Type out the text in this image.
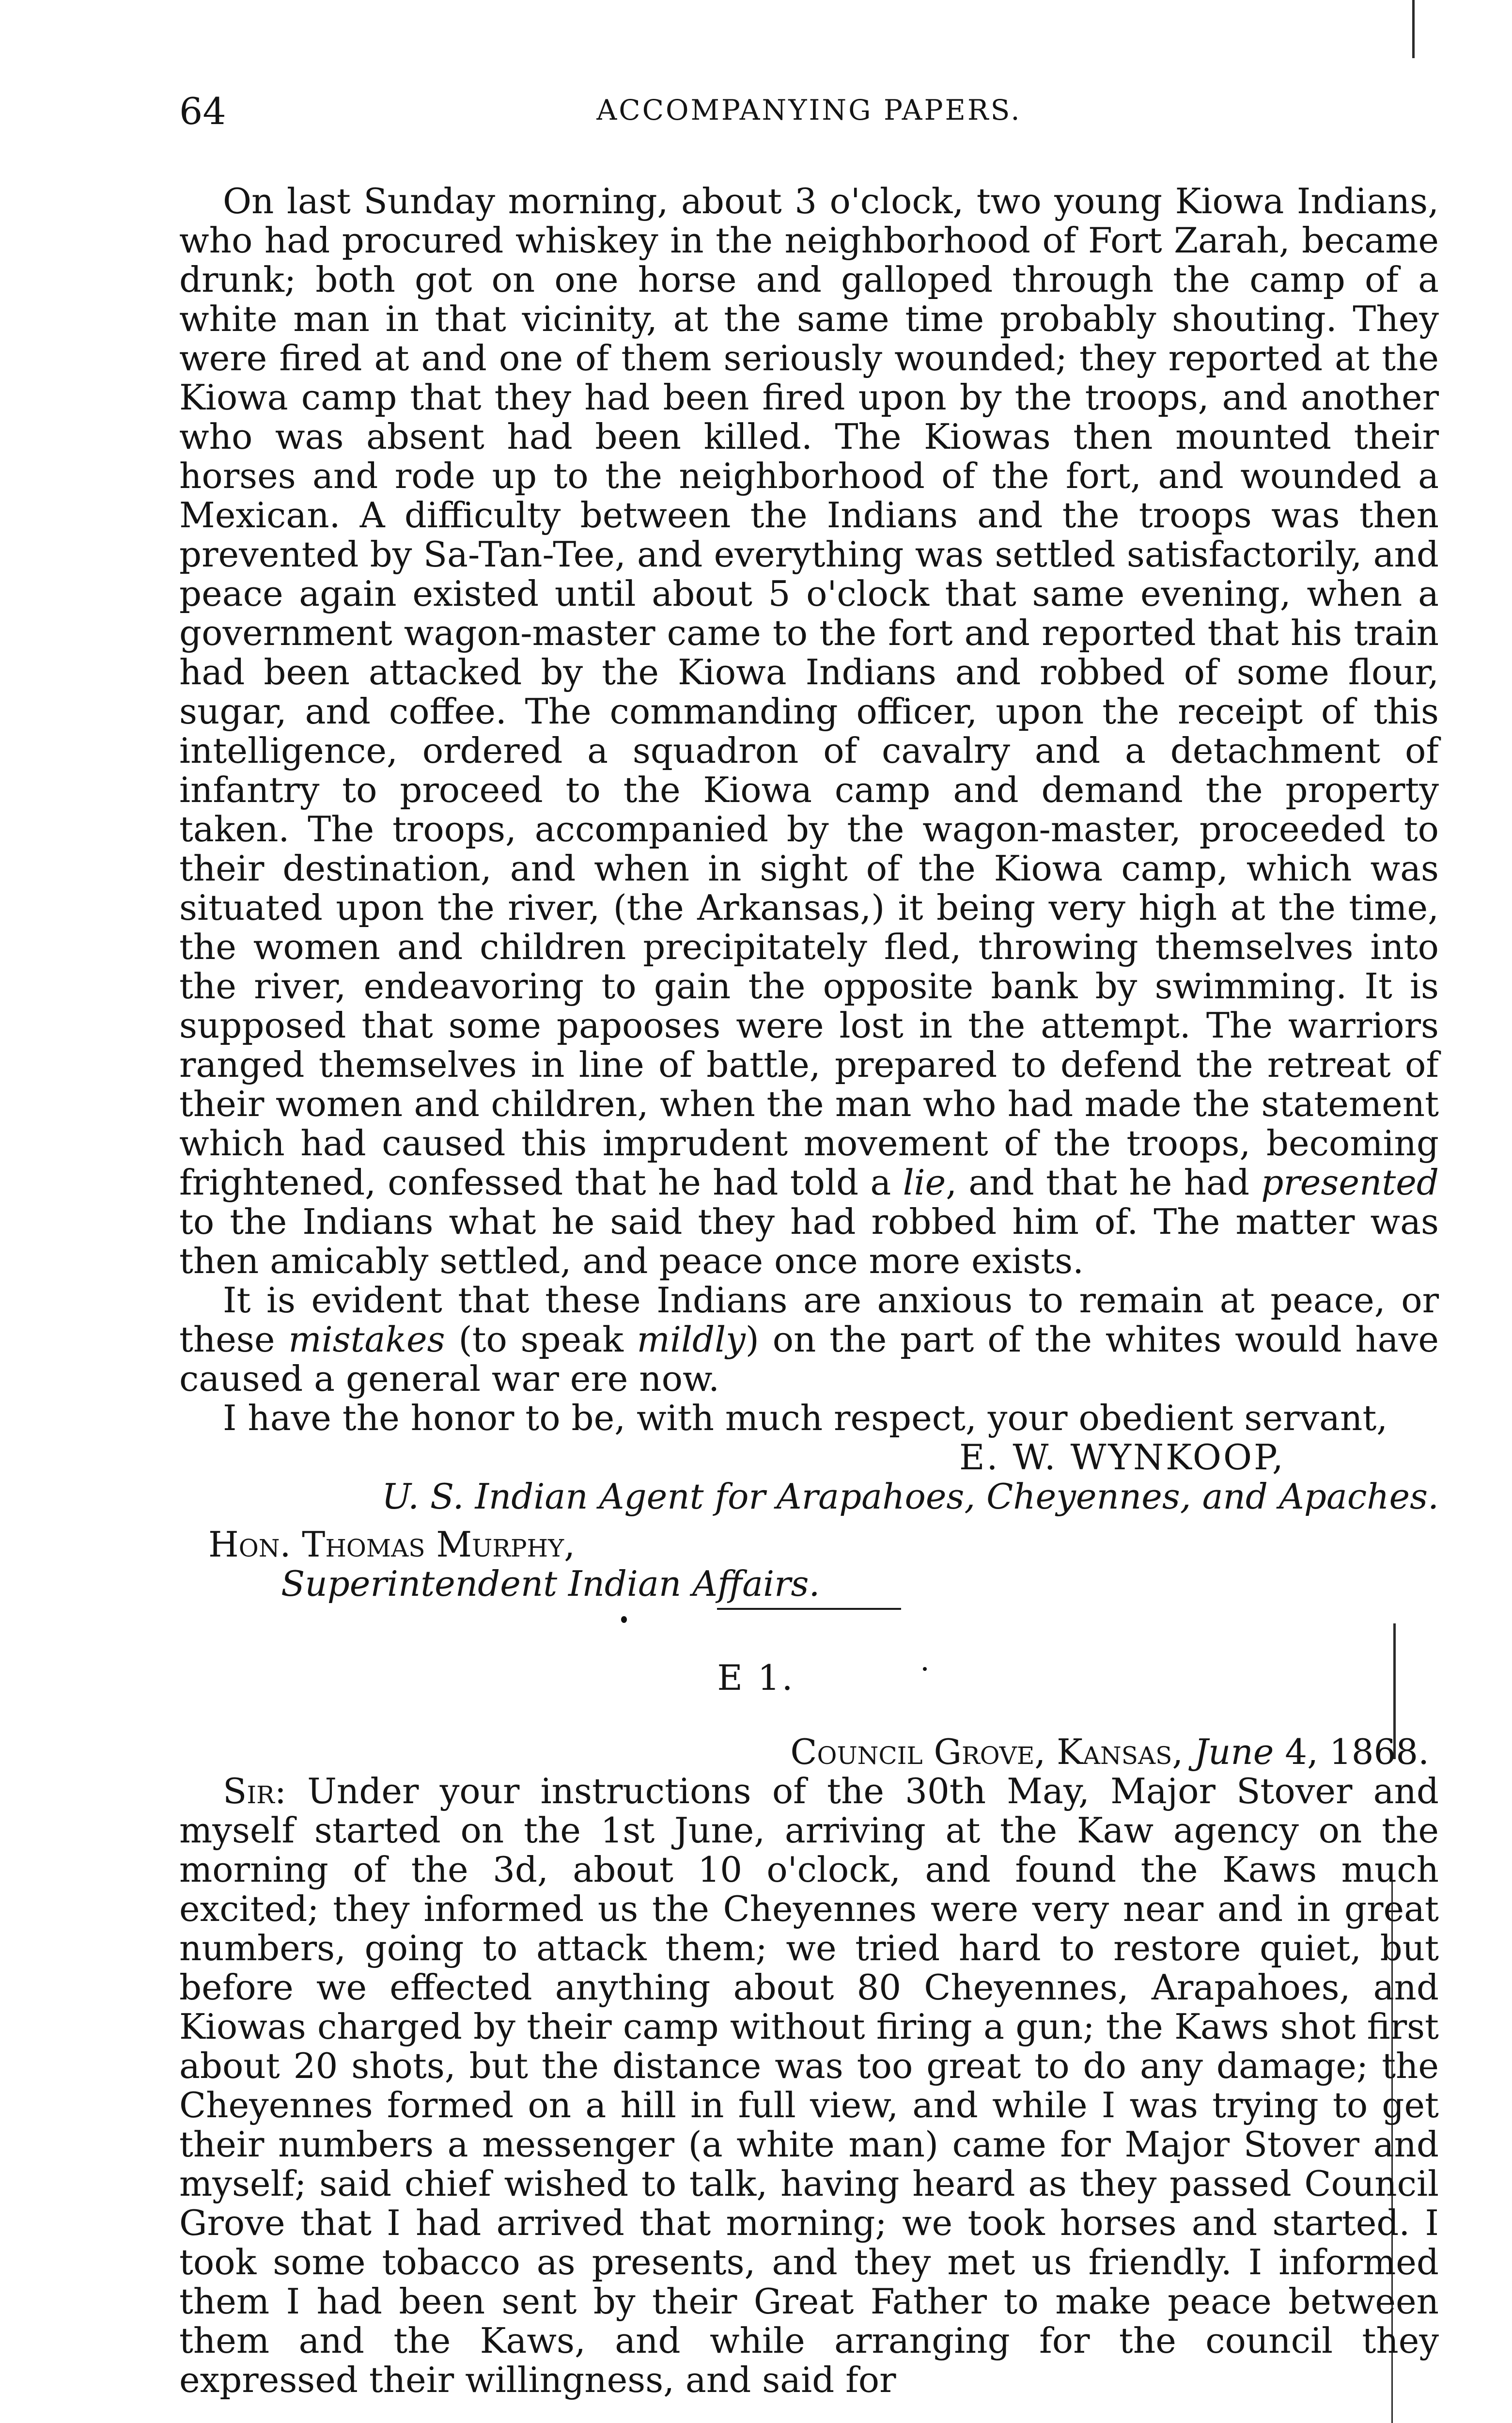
64	ACCOMPANYING PAPERS.

On last Sunday morning, about 3 o'clock, two young Kiowa Indians, who had procured whiskey in the neighborhood of Fort Zarah, became drunk; both got on one horse and galloped through the camp of a white man in that vicinity, at the same time probably shouting. They were fired at and one of them seriously wounded; they reported at the Kiowa camp that they had been fired upon by the troops, and another who was absent had been killed. The Kiowas then mounted their horses and rode up to the neighborhood of the fort, and wounded a Mexican. A difficulty between the Indians and the troops was then prevented by Sa-Tan-Tee, and everything was settled satisfactorily, and peace again existed until about 5 o'clock that same evening, when a government wagon-master came to the fort and reported that his train had been attacked by the Kiowa Indians and robbed of some flour, sugar, and coffee. The commanding officer, upon the receipt of this intelligence, ordered a squadron of cavalry and a detachment of infantry to proceed to the Kiowa camp and demand the property taken. The troops, accompanied by the wagon-master, proceeded to their destination, and when in sight of the Kiowa camp, which was situated upon the river, (the Arkansas,) it being very high at the time, the women and children precipitately fled, throwing themselves into the river, endeavoring to gain the opposite bank by swimming. It is supposed that some papooses were lost in the attempt. The warriors ranged themselves in line of battle, prepared to defend the retreat of their women and children, when the man who had made the statement which had caused this imprudent movement of the troops, becoming frightened, confessed that he had told a lie, and that he had presented to the Indians what he said they had robbed him of. The matter was then amicably settled, and peace once more exists.

It is evident that these Indians are anxious to remain at peace, or these mistakes (to speak mildly) on the part of the whites would have caused a general war ere now.

I have the honor to be, with much respect, your obedient servant,

E. W. WYNKOOP,

U. S. Indian Agent for Arapahoes, Cheyennes, and Apaches.

Hon. Thomas Murphy,

Superintendent Indian Affairs.

E 1.

Council Grove, Kansas, June 4, 1868.

Sir: Under your instructions of the 30th May, Major Stover and myself started on the 1st June, arriving at the Kaw agency on the morning of the 3d, about 10 o'clock, and found the Kaws much excited; they informed us the Cheyennes were very near and in great numbers, going to attack them; we tried hard to restore quiet, but before we effected anything about 80 Cheyennes, Arapahoes, and Kiowas charged by their camp without firing a gun; the Kaws shot first about 20 shots, but the distance was too great to do any damage; the Cheyennes formed on a hill in full view, and while I was trying to get their numbers a messenger (a white man) came for Major Stover and myself; said chief wished to talk, having heard as they passed Council Grove that I had arrived that morning; we took horses and started. I took some tobacco as presents, and they met us friendly. I informed them I had been sent by their Great Father to make peace between them and the Kaws, and while arranging for the council they expressed their willingness, and said for
